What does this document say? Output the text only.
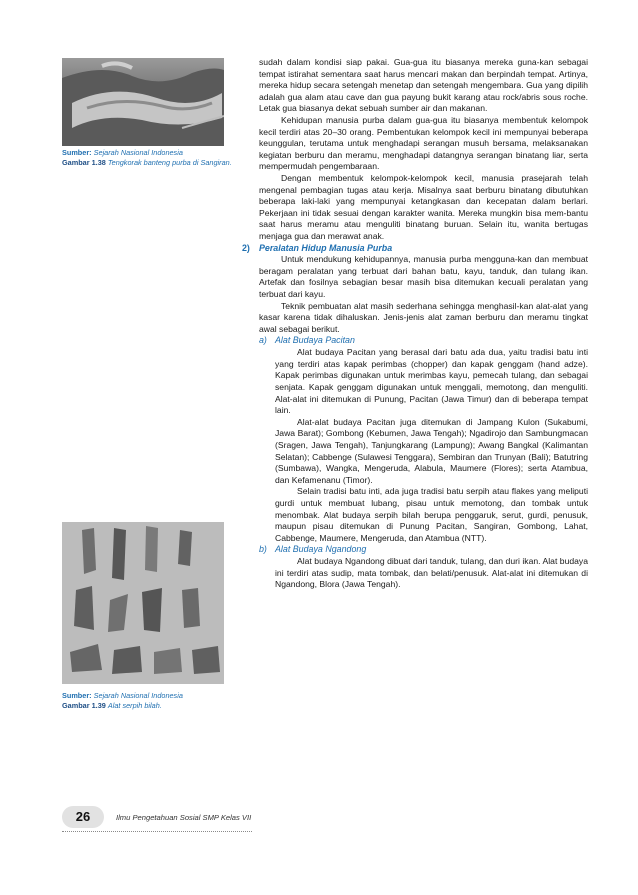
Sumber: Sejarah Nasional Indonesia
Gambar 1.38 Tengkorak banteng purba di Sangiran.
Sumber: Sejarah Nasional Indonesia
Gambar 1.39 Alat serpih bilah.

sudah dalam kondisi siap pakai. Gua-gua itu biasanya mereka guna-kan sebagai tempat istirahat sementara saat harus mencari makan dan berpindah tempat. Artinya, mereka hidup secara setengah menetap dan setengah mengembara. Gua yang dipilih adalah gua alam atau cave dan gua payung bukit karang atau rock/abris sous roche. Letak gua biasanya dekat sebuah sumber air dan makanan.

Kehidupan manusia purba dalam gua-gua itu biasanya membentuk kelompok kecil terdiri atas 20–30 orang. Pembentukan kelompok kecil ini mempunyai beberapa keunggulan, terutama untuk menghadapi serangan musuh bersama, melaksanakan kegiatan berburu dan meramu, menghadapi datangnya serangan binatang liar, serta mempermudah pengembaraan.

Dengan membentuk kelompok-kelompok kecil, manusia prasejarah telah mengenal pembagian tugas atau kerja. Misalnya saat berburu binatang dibutuhkan beberapa laki-laki yang mempunyai ketangkasan dan kecepatan dalam berlari. Pekerjaan ini tidak sesuai dengan karakter wanita. Mereka mungkin bisa mem-bantu saat harus meramu atau menguliti binatang buruan. Selain itu, wanita bertugas menjaga gua dan merawat anak.

2) Peralatan Hidup Manusia Purba

Untuk mendukung kehidupannya, manusia purba mengguna-kan dan membuat beragam peralatan yang terbuat dari bahan batu, kayu, tanduk, dan tulang ikan. Artefak dan fosilnya sebagian besar masih bisa ditemukan kecuali peralatan yang terbuat dari kayu.

Teknik pembuatan alat masih sederhana sehingga menghasil-kan alat-alat yang kasar karena tidak dihaluskan. Jenis-jenis alat zaman berburu dan meramu tingkat awal sebagai berikut.

a) Alat Budaya Pacitan

Alat budaya Pacitan yang berasal dari batu ada dua, yaitu tradisi batu inti yang terdiri atas kapak perimbas (chopper) dan kapak genggam (hand adze). Kapak perimbas digunakan untuk merimbas kayu, pemecah tulang, dan sebagai senjata. Kapak genggam digunakan untuk menggali, memotong, dan menguliti. Alat-alat ini ditemukan di Punung, Pacitan (Jawa Timur) dan di beberapa tempat lain.

Alat-alat budaya Pacitan juga ditemukan di Jampang Kulon (Sukabumi, Jawa Barat); Gombong (Kebumen, Jawa Tengah); Ngadirojo dan Sambungmacan (Sragen, Jawa Tengah), Tanjungkarang (Lampung); Awang Bangkal (Kalimantan Selatan); Cabbenge (Sulawesi Tenggara), Sembiran dan Trunyan (Bali); Batutring (Sumbawa), Wangka, Mengeruda, Alabula, Maumere (Flores); serta Atambua, dan Kefamenanu (Timor).

Selain tradisi batu inti, ada juga tradisi batu serpih atau flakes yang meliputi gurdi untuk membuat lubang, pisau untuk memotong, dan tombak untuk menombak. Alat budaya serpih bilah berupa penggaruk, serut, gurdi, penusuk, maupun pisau ditemukan di Punung Pacitan, Sangiran, Gombong, Lahat, Cabbenge, Maumere, Mengeruda, dan Atambua (NTT).

b) Alat Budaya Ngandong

Alat budaya Ngandong dibuat dari tanduk, tulang, dan duri ikan. Alat budaya ini terdiri atas sudip, mata tombak, dan belati/penusuk. Alat-alat ini ditemukan di Ngandong, Blora (Jawa Tengah).

26	Ilmu Pengetahuan Sosial SMP Kelas VII
